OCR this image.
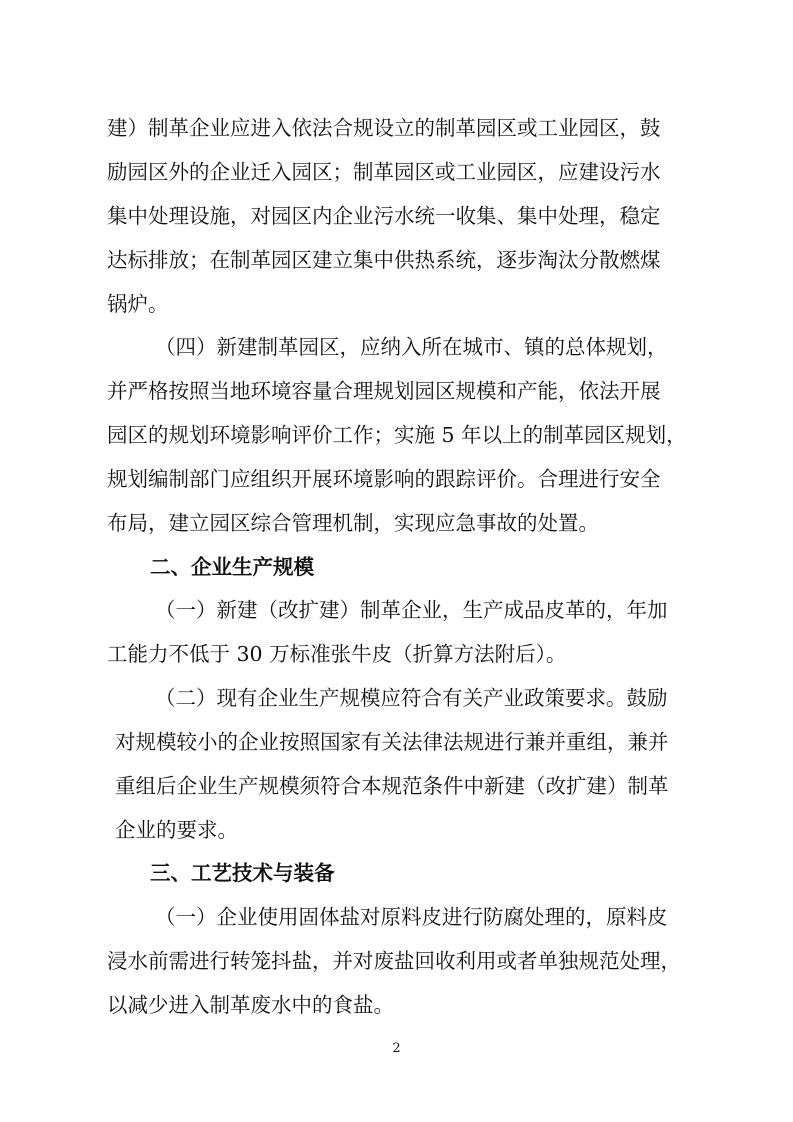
建）制革企业应进入依法合规设立的制革园区或工业园区，鼓
励园区外的企业迁入园区；制革园区或工业园区，应建设污水
集中处理设施，对园区内企业污水统一收集、集中处理，稳定
达标排放；在制革园区建立集中供热系统，逐步淘汰分散燃煤
锅炉。
（四）新建制革园区，应纳入所在城市、镇的总体规划，
并严格按照当地环境容量合理规划园区规模和产能，依法开展
园区的规划环境影响评价工作；实施 5 年以上的制革园区规划，
规划编制部门应组织开展环境影响的跟踪评价。合理进行安全
布局，建立园区综合管理机制，实现应急事故的处置。
二、企业生产规模
（一）新建（改扩建）制革企业，生产成品皮革的，年加
工能力不低于 30 万标准张牛皮（折算方法附后）。
（二）现有企业生产规模应符合有关产业政策要求。鼓励
对规模较小的企业按照国家有关法律法规进行兼并重组，兼并
重组后企业生产规模须符合本规范条件中新建（改扩建）制革
企业的要求。
三、工艺技术与装备
（一）企业使用固体盐对原料皮进行防腐处理的，原料皮
浸水前需进行转笼抖盐，并对废盐回收利用或者单独规范处理，
以减少进入制革废水中的食盐。
2
